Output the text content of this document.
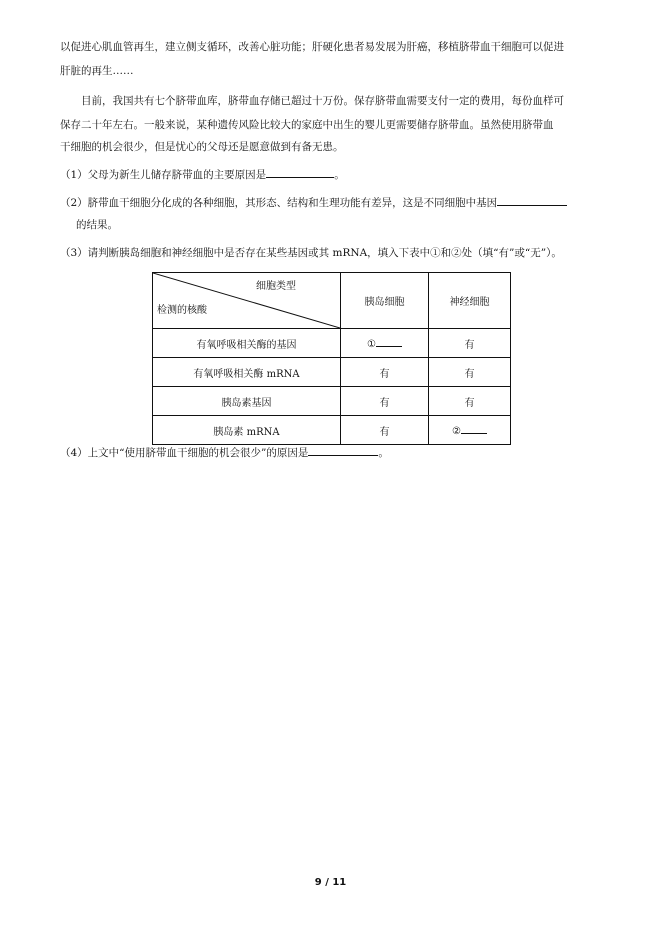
以促进心肌血管再生，建立侧支循环，改善心脏功能；肝硬化患者易发展为肝癌，移植脐带血干细胞可以促进

肝脏的再生……

目前，我国共有七个脐带血库，脐带血存储已超过十万份。保存脐带血需要支付一定的费用，每份血样可

保存二十年左右。一般来说，某种遗传风险比较大的家庭中出生的婴儿更需要储存脐带血。虽然使用脐带血

干细胞的机会很少，但是忧心的父母还是愿意做到有备无患。

（1）父母为新生儿储存脐带血的主要原因是	。

（2）脐带血干细胞分化成的各种细胞，其形态、结构和生理功能有差异，这是不同细胞中基因

的结果。

（3）请判断胰岛细胞和神经细胞中是否存在某些基因或其 mRNA，填入下表中①和②处（填“有”或“无”）。

细胞类型
检测的核酸	胰岛细胞	神经细胞
有氧呼吸相关酶的基因	①	有
有氧呼吸相关酶 mRNA	有	有
胰岛素基因	有	有
胰岛素 mRNA	有	②

（4）上文中“使用脐带血干细胞的机会很少”的原因是	。

9 / 11
